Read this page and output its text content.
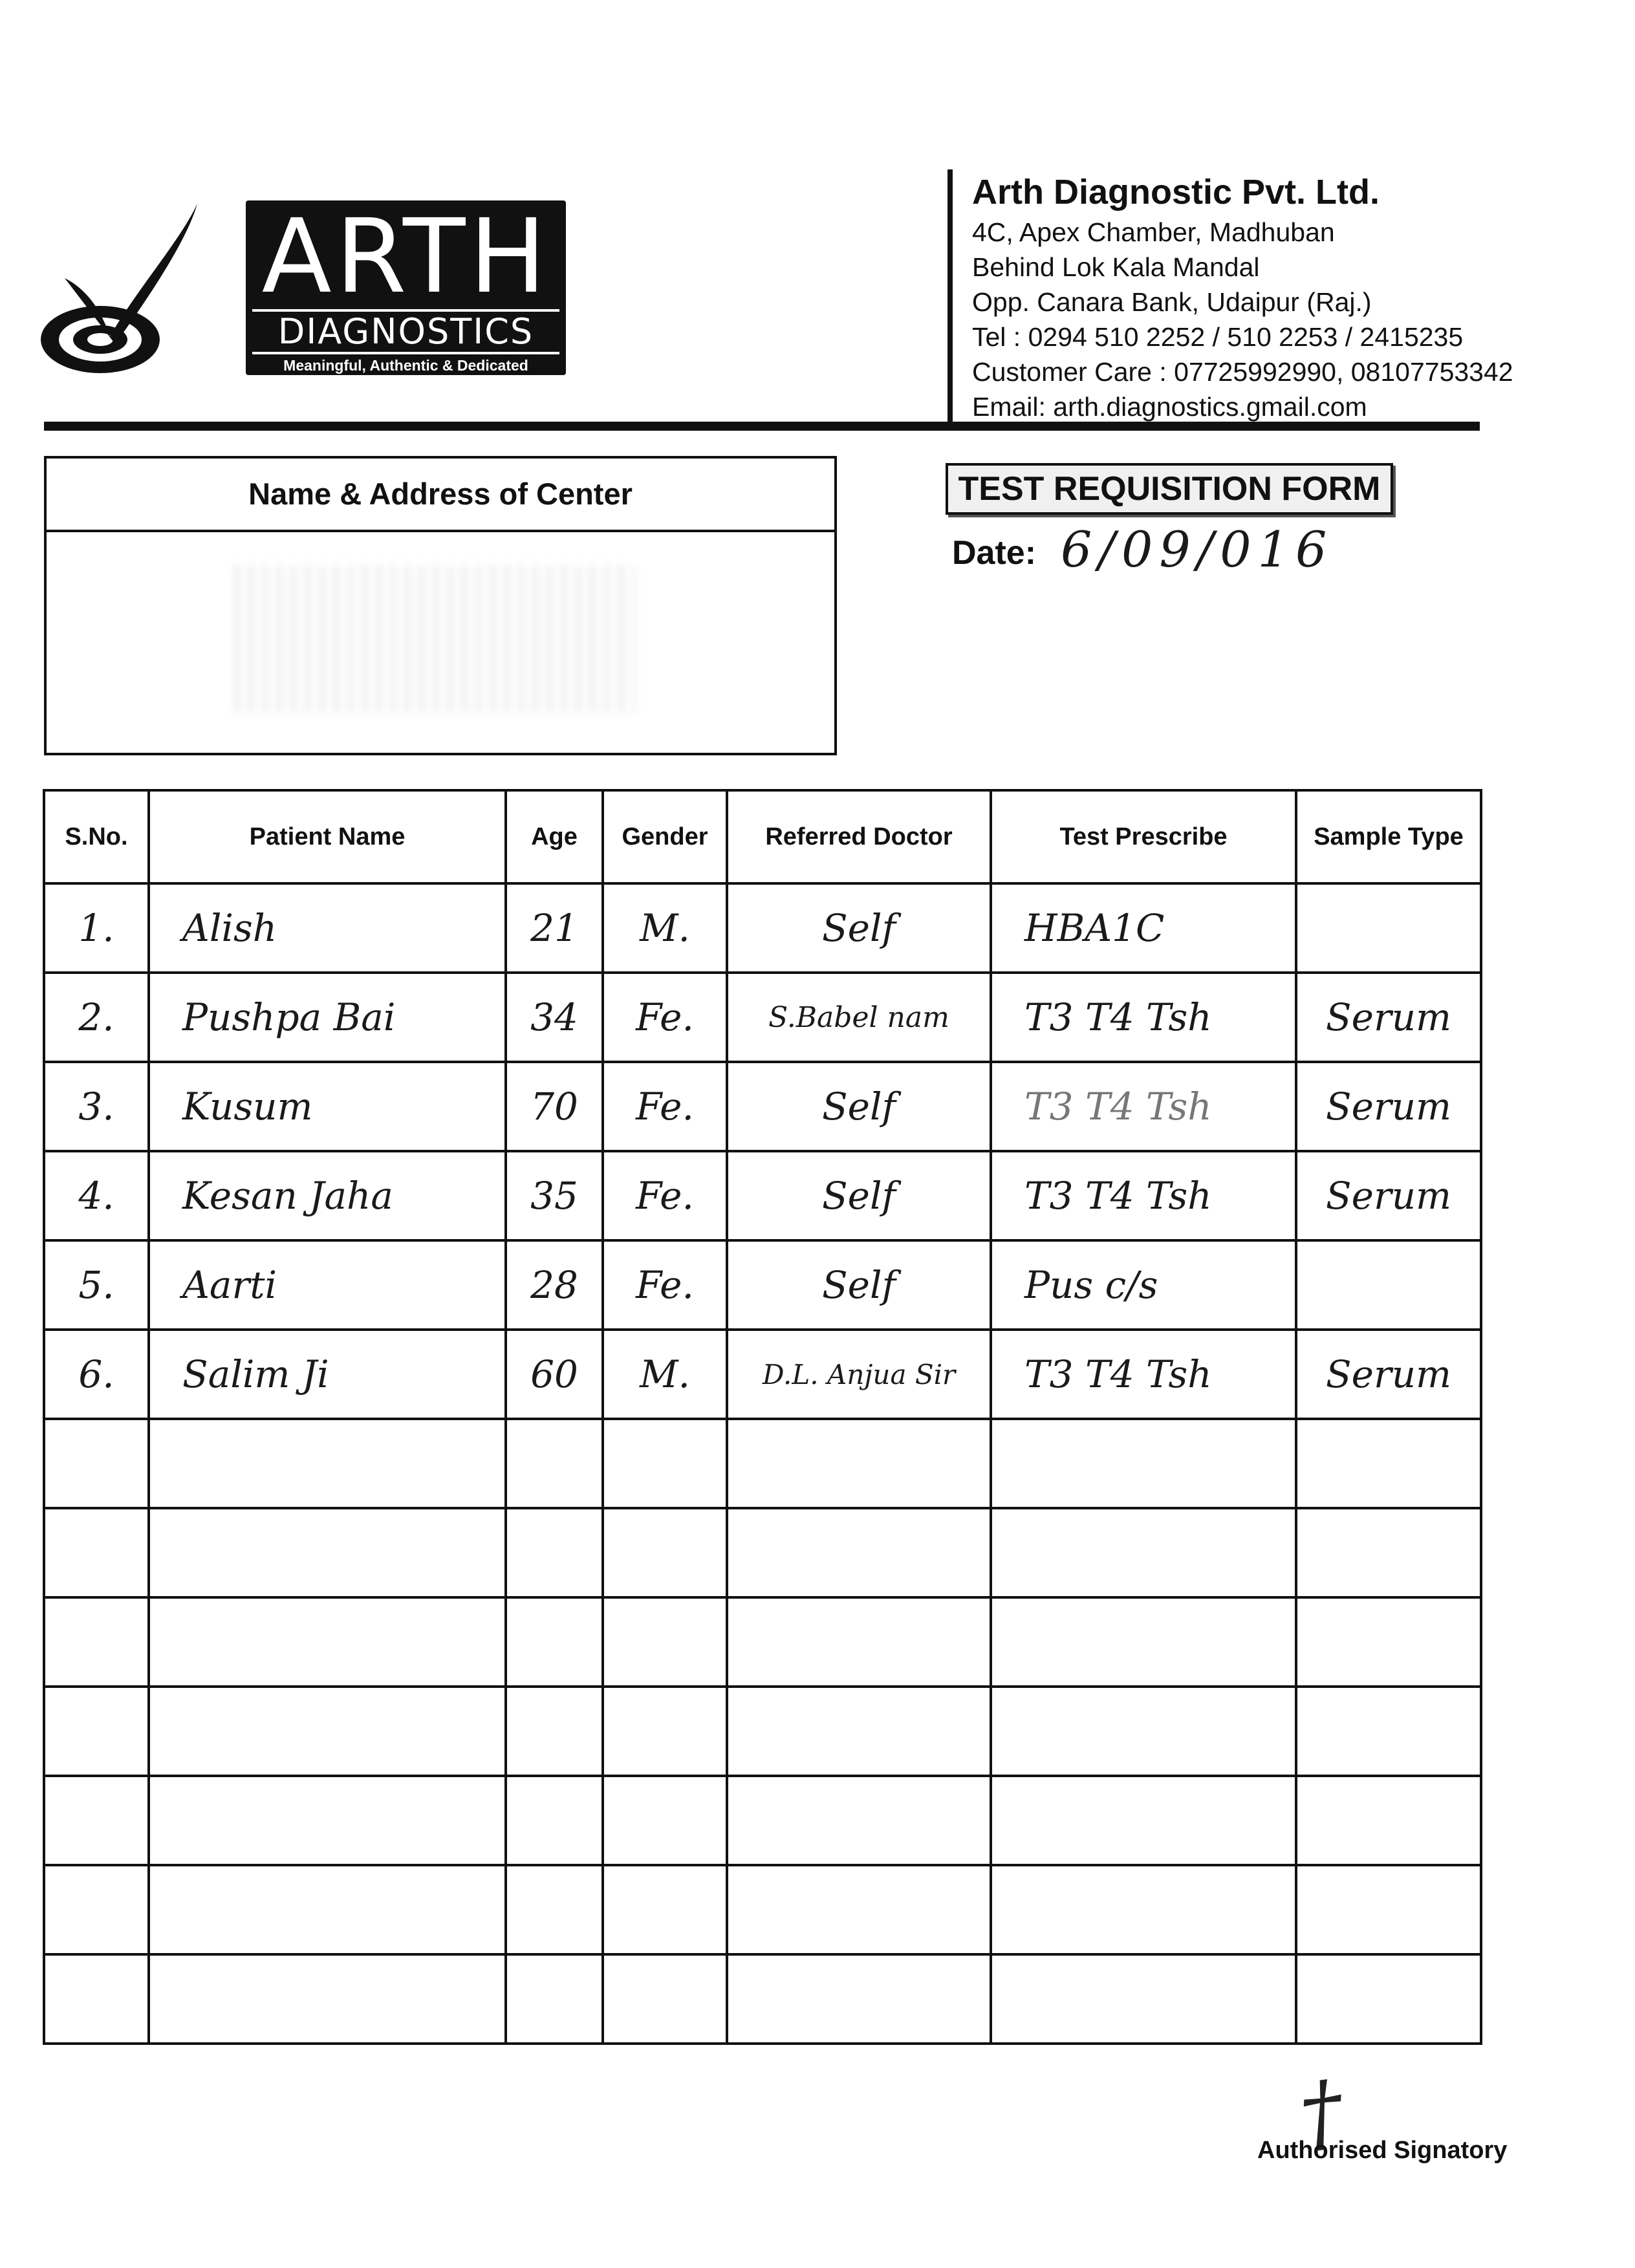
ARTH
DIAGNOSTICS
Meaningful, Authentic & Dedicated

Arth Diagnostic Pvt. Ltd.

4C, Apex Chamber, Madhuban

Behind Lok Kala Mandal

Opp. Canara Bank, Udaipur (Raj.)

Tel : 0294 510 2252 / 510 2253 / 2415235

Customer Care : 07725992990, 08107753342

Email: arth.diagnostics.gmail.com

Name & Address of Center	TEST REQUISITION FORM
Date: 6/09/016
S.No.	Patient Name	Age	Gender	Referred Doctor	Test Prescribe	Sample Type
1.	Alish	21	M.	Self	HBA1C	
2.	Pushpa Bai	34	Fe.	S.Babel nam	T3 T4 Tsh	Serum
3.	Kusum	70	Fe.	Self	T3 T4 Tsh	Serum
4.	Kesan Jaha	35	Fe.	Self	T3 T4 Tsh	Serum
5.	Aarti	28	Fe.	Self	Pus c/s	
6.	Salim Ji	60	M.	D.L. Anjua Sir	T3 T4 Tsh	Serum

†
Authorised Signatory
